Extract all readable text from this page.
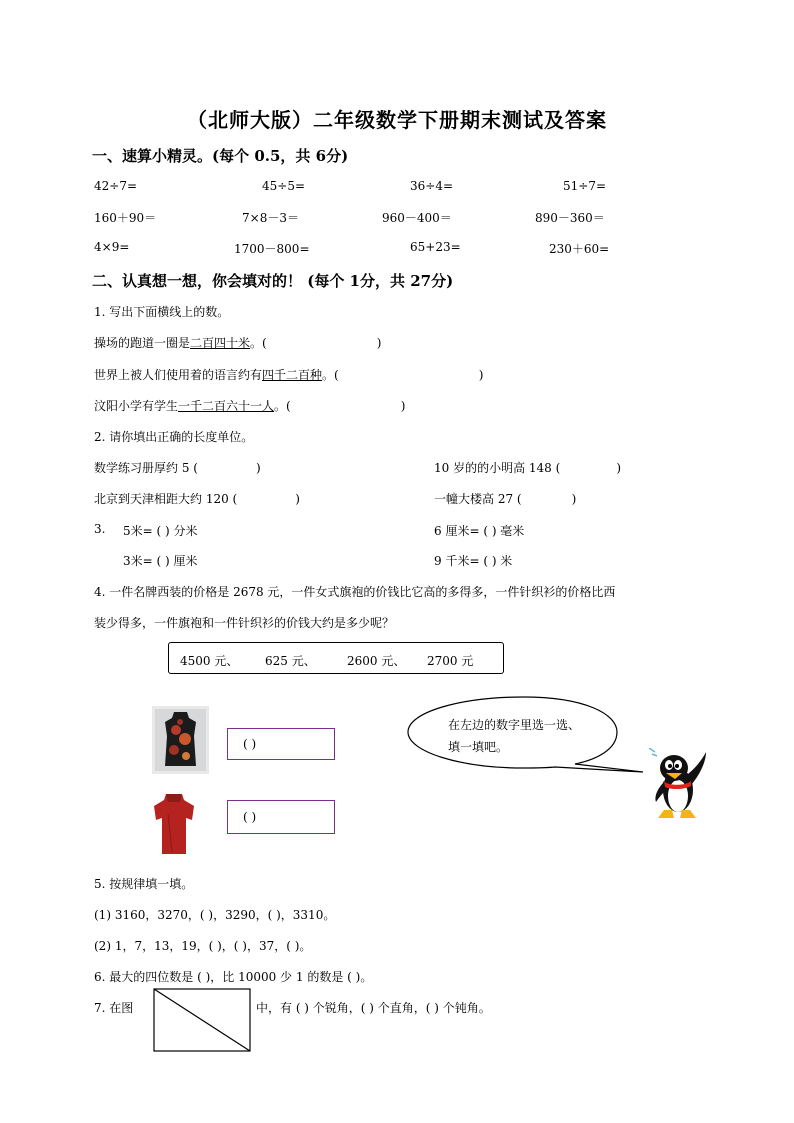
（北师大版）二年级数学下册期末测试及答案
一、速算小精灵。(每个 0.5，共 6分)
42÷7=	45÷5=	36÷4=	51÷7=
160＋90＝	7×8－3＝	960－400＝	890－360＝
4×9=	1700－800=	65+23=	230＋60=
二、认真想一想，你会填对的！ (每个 1分，共 27分)
1. 写出下面横线上的数。
操场的跑道一圈是二百四十米。(	)
世界上被人们使用着的语言约有四千二百种。(	)
汶阳小学有学生一千二百六十一人。(	)
2. 请你填出正确的长度单位。
数学练习册厚约 5 (	)	10 岁的的小明高 148 (	)
北京到天津相距大约 120 (	)	一幢大楼高 27 (	)
3. 5米= ( ) 分米	6 厘米= ( ) 毫米
3米= ( ) 厘米	9 千米= ( ) 米
4. 一件名牌西装的价格是 2678 元，一件女式旗袍的价钱比它高的多得多，一件针织衫的价格比西
装少得多，一件旗袍和一件针织衫的价钱大约是多少呢？
4500 元、 625 元、	2600 元、 2700 元
( )
( )
在左边的数字里选一选、
填一填吧。
5. 按规律填一填。
(1) 3160，3270，( )，3290，( )，3310。
(2) 1，7，13，19，( )，( )，37，( )。
6. 最大的四位数是 ( )，比 10000 少 1 的数是 ( )。
7. 在图	中，有 ( ) 个锐角，( ) 个直角，( ) 个钝角。
